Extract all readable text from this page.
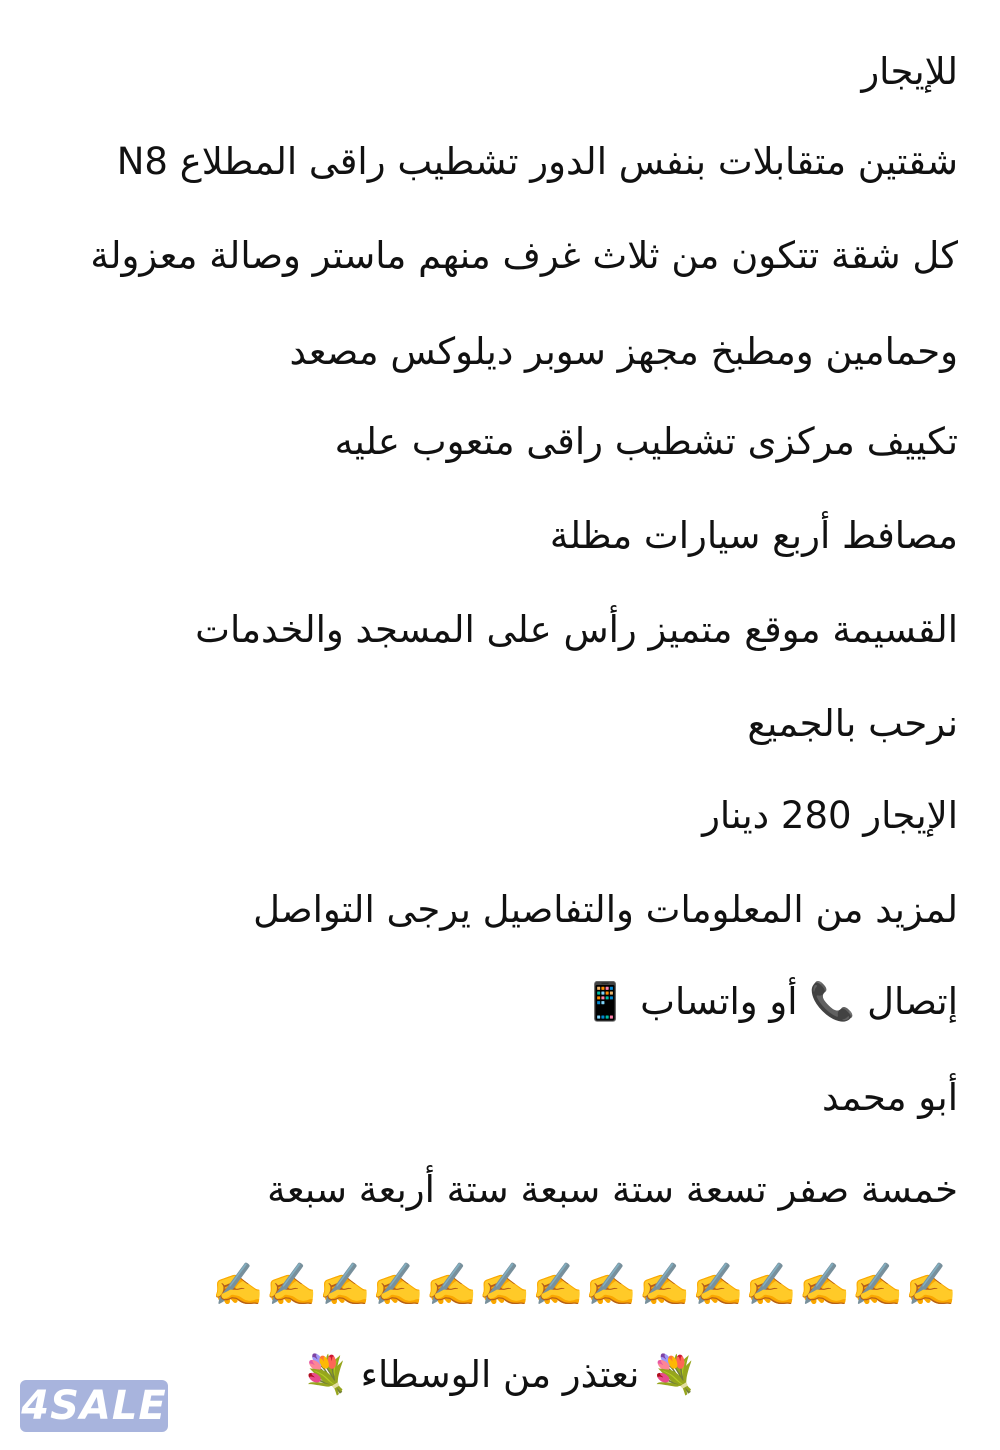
للإيجار
شقتين متقابلات بنفس الدور تشطيب راقى المطلاع N8
كل شقة تتكون من ثلاث غرف منهم ماستر وصالة معزولة
وحمامين ومطبخ مجهز سوبر ديلوكس مصعد
تكييف مركزى تشطيب راقى متعوب عليه
مصافط أربع سيارات مظلة
القسيمة موقع متميز رأس على المسجد والخدمات
نرحب بالجميع
الإيجار 280 دينار
لمزيد من المعلومات والتفاصيل يرجى التواصل
إتصال 📞 أو واتساب 📱
أبو محمد
خمسة صفر تسعة ستة سبعة ستة أربعة سبعة
✍️✍️✍️✍️✍️✍️✍️✍️✍️✍️✍️✍️✍️✍️
💐 نعتذر من الوسطاء 💐
4SALE
